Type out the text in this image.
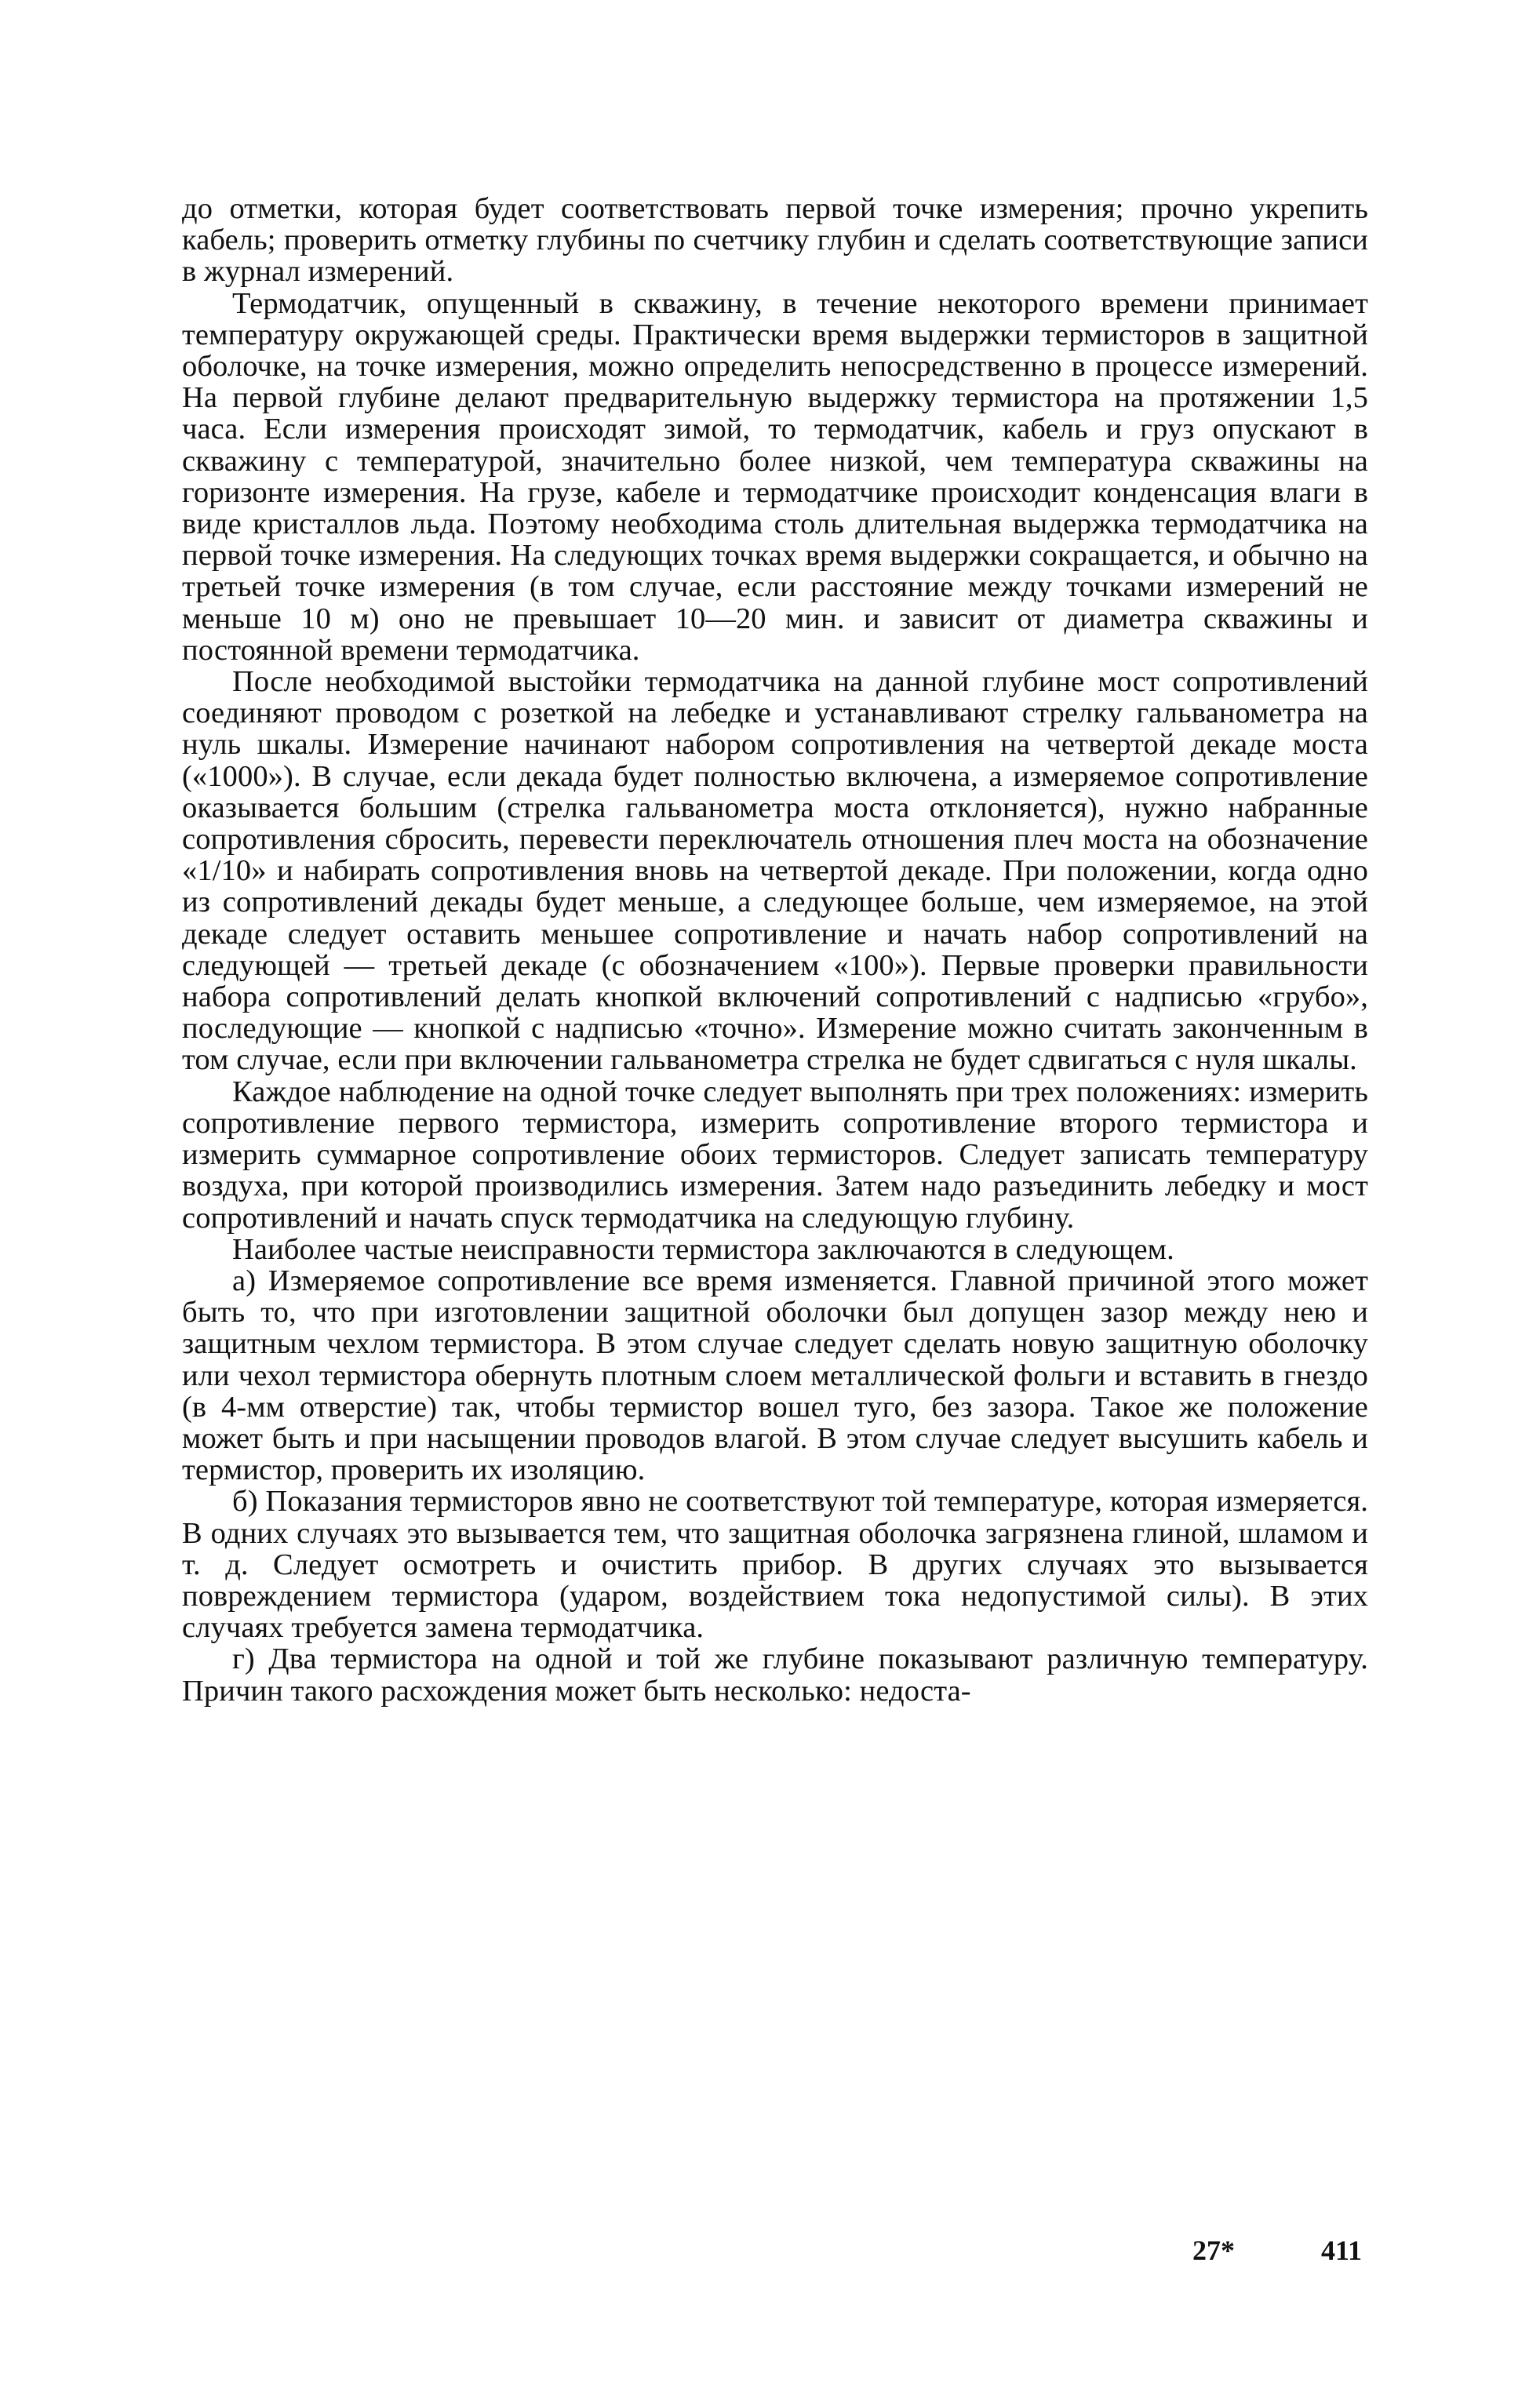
до отметки, которая будет соответствовать первой точке измерения; прочно укрепить кабель; проверить отметку глубины по счетчику глубин и сделать соответствующие записи в журнал измерений.

Термодатчик, опущенный в скважину, в течение некоторого времени принимает температуру окружающей среды. Практически время выдержки термисторов в защитной оболочке, на точке измерения, можно определить непосредственно в процессе измерений. На первой глубине делают предварительную выдержку термистора на протяжении 1,5 часа. Если измерения происходят зимой, то термодатчик, кабель и груз опускают в скважину с температурой, значительно более низкой, чем температура скважины на горизонте измерения. На грузе, кабеле и термодатчике происходит конденсация влаги в виде кристаллов льда. Поэтому необходима столь длительная выдержка термодатчика на первой точке измерения. На следующих точках время выдержки сокращается, и обычно на третьей точке измерения (в том случае, если расстояние между точками измерений не меньше 10 м) оно не превышает 10—20 мин. и зависит от диаметра скважины и постоянной времени термодатчика.

После необходимой выстойки термодатчика на данной глубине мост сопротивлений соединяют проводом с розеткой на лебедке и устанавливают стрелку гальванометра на нуль шкалы. Измерение начинают набором сопротивления на четвертой декаде моста («1000»). В случае, если декада будет полностью включена, а измеряемое сопротивление оказывается большим (стрелка гальванометра моста отклоняется), нужно набранные сопротивления сбросить, перевести переключатель отношения плеч моста на обозначение «1/10» и набирать сопротивления вновь на четвертой декаде. При положении, когда одно из сопротивлений декады будет меньше, а следующее больше, чем измеряемое, на этой декаде следует оставить меньшее сопротивление и начать набор сопротивлений на следующей — третьей декаде (с обозначением «100»). Первые проверки правильности набора сопротивлений делать кнопкой включений сопротивлений с надписью «грубо», последующие — кнопкой с надписью «точно». Измерение можно считать законченным в том случае, если при включении гальванометра стрелка не будет сдвигаться с нуля шкалы.

Каждое наблюдение на одной точке следует выполнять при трех положениях: измерить сопротивление первого термистора, измерить сопротивление второго термистора и измерить суммарное сопротивление обоих термисторов. Следует записать температуру воздуха, при которой производились измерения. Затем надо разъединить лебедку и мост сопротивлений и начать спуск термодатчика на следующую глубину.

Наиболее частые неисправности термистора заключаются в следующем.

а) Измеряемое сопротивление все время изменяется. Главной причиной этого может быть то, что при изготовлении защитной оболочки был допущен зазор между нею и защитным чехлом термистора. В этом случае следует сделать новую защитную оболочку или чехол термистора обернуть плотным слоем металлической фольги и вставить в гнездо (в 4-мм отверстие) так, чтобы термистор вошел туго, без зазора. Такое же положение может быть и при насыщении проводов влагой. В этом случае следует высушить кабель и термистор, проверить их изоляцию.

б) Показания термисторов явно не соответствуют той температуре, которая измеряется. В одних случаях это вызывается тем, что защитная оболочка загрязнена глиной, шламом и т. д. Следует осмотреть и очистить прибор. В других случаях это вызывается повреждением термистора (ударом, воздействием тока недопустимой силы). В этих случаях требуется замена термодатчика.

г) Два термистора на одной и той же глубине показывают различную температуру. Причин такого расхождения может быть несколько: недоста-

27*	411
